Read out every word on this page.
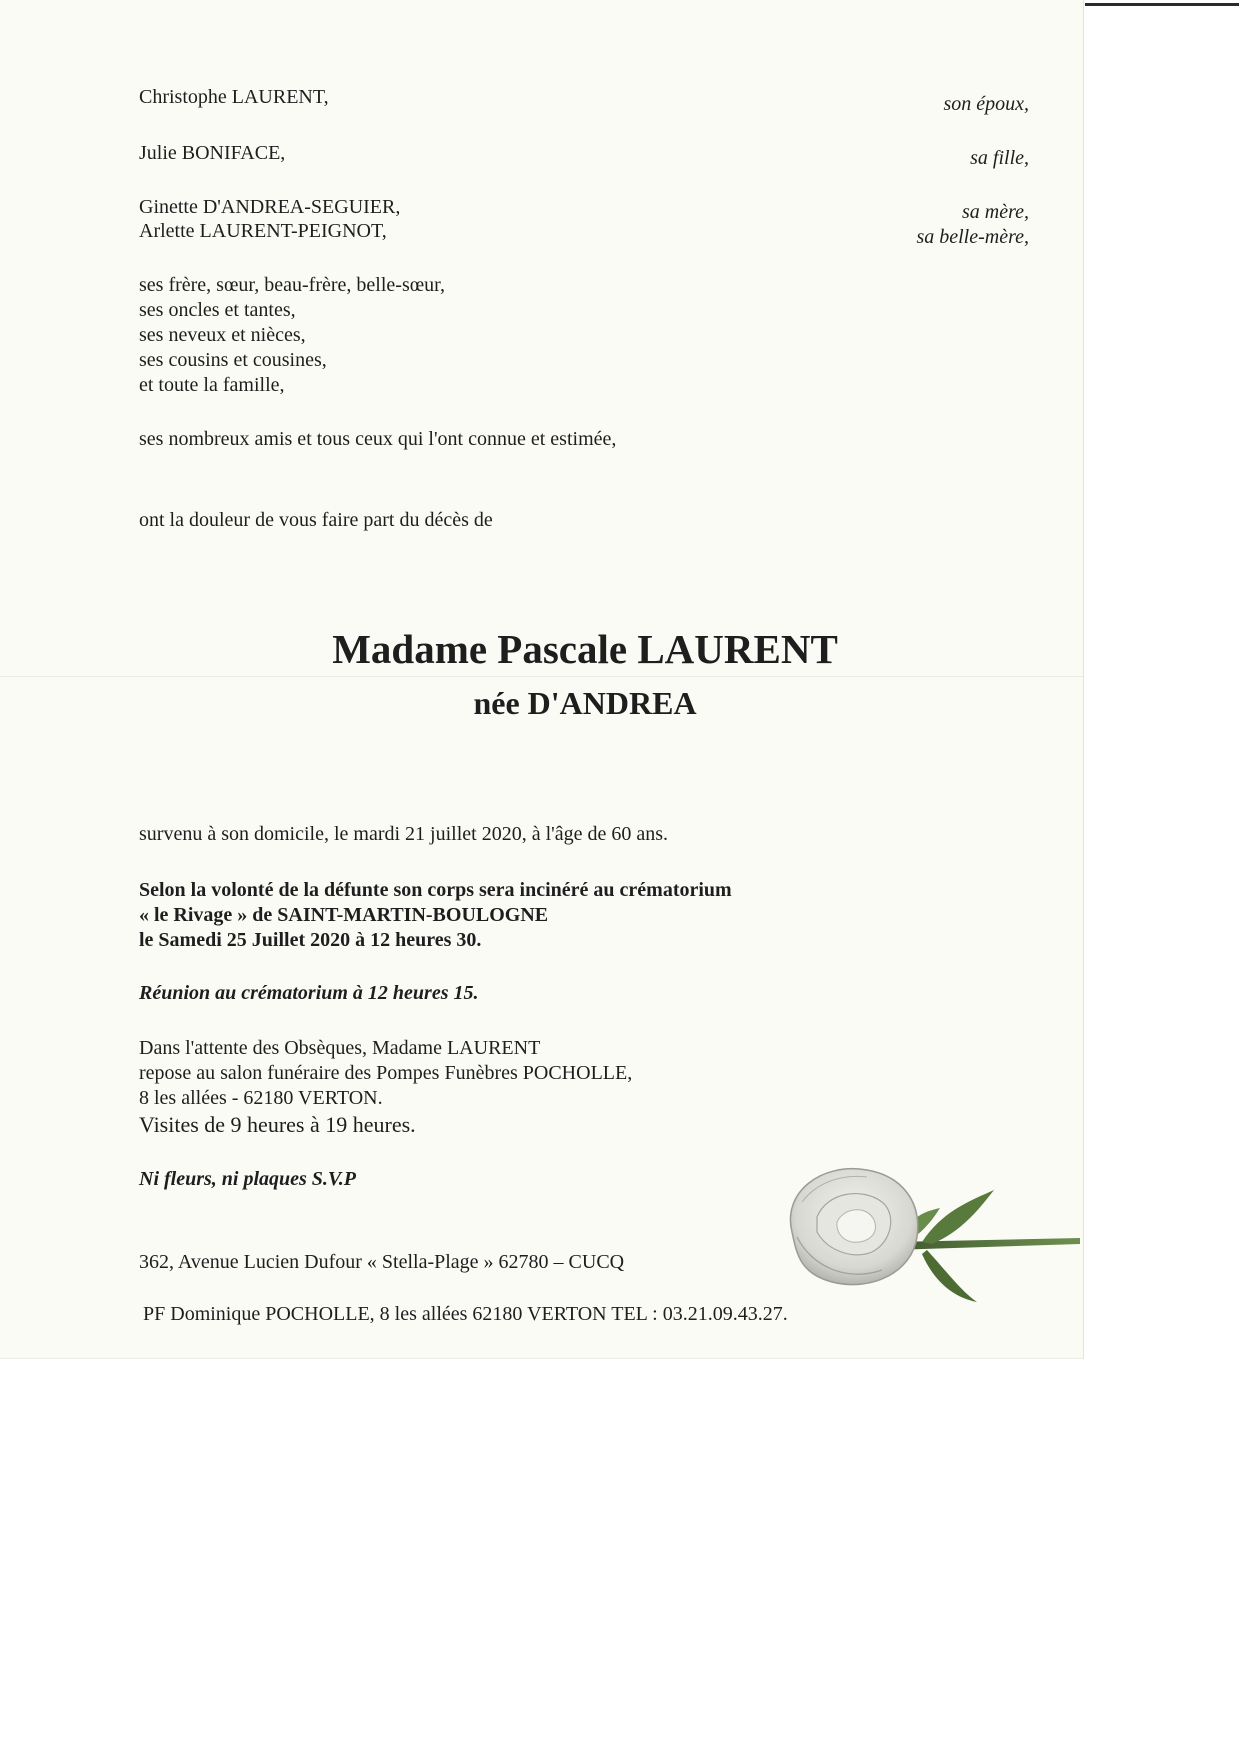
Christophe LAURENT,	son époux,
Julie BONIFACE,	sa fille,
Ginette D'ANDREA-SEGUIER,	sa mère,
Arlette LAURENT-PEIGNOT,	sa belle-mère,
ses frère, sœur, beau-frère, belle-sœur,
ses oncles et tantes,
ses neveux et nièces,
ses cousins et cousines,
et toute la famille,
ses nombreux amis et tous ceux qui l'ont connue et estimée,
ont la douleur de vous faire part du décès de
Madame Pascale LAURENT
née D'ANDREA
survenu à son domicile, le mardi 21 juillet 2020, à l'âge de 60 ans.
Selon la volonté de la défunte son corps sera incinéré au crématorium
« le Rivage » de SAINT-MARTIN-BOULOGNE
le Samedi 25 Juillet 2020 à 12 heures 30.
Réunion au crématorium à 12 heures 15.
Dans l'attente des Obsèques, Madame LAURENT
repose au salon funéraire des Pompes Funèbres POCHOLLE,
8 les allées - 62180 VERTON.
Visites de 9 heures à 19 heures.
Ni fleurs, ni plaques S.V.P
362, Avenue Lucien Dufour « Stella-Plage » 62780 – CUCQ
PF Dominique POCHOLLE, 8 les allées 62180 VERTON TEL : 03.21.09.43.27.
